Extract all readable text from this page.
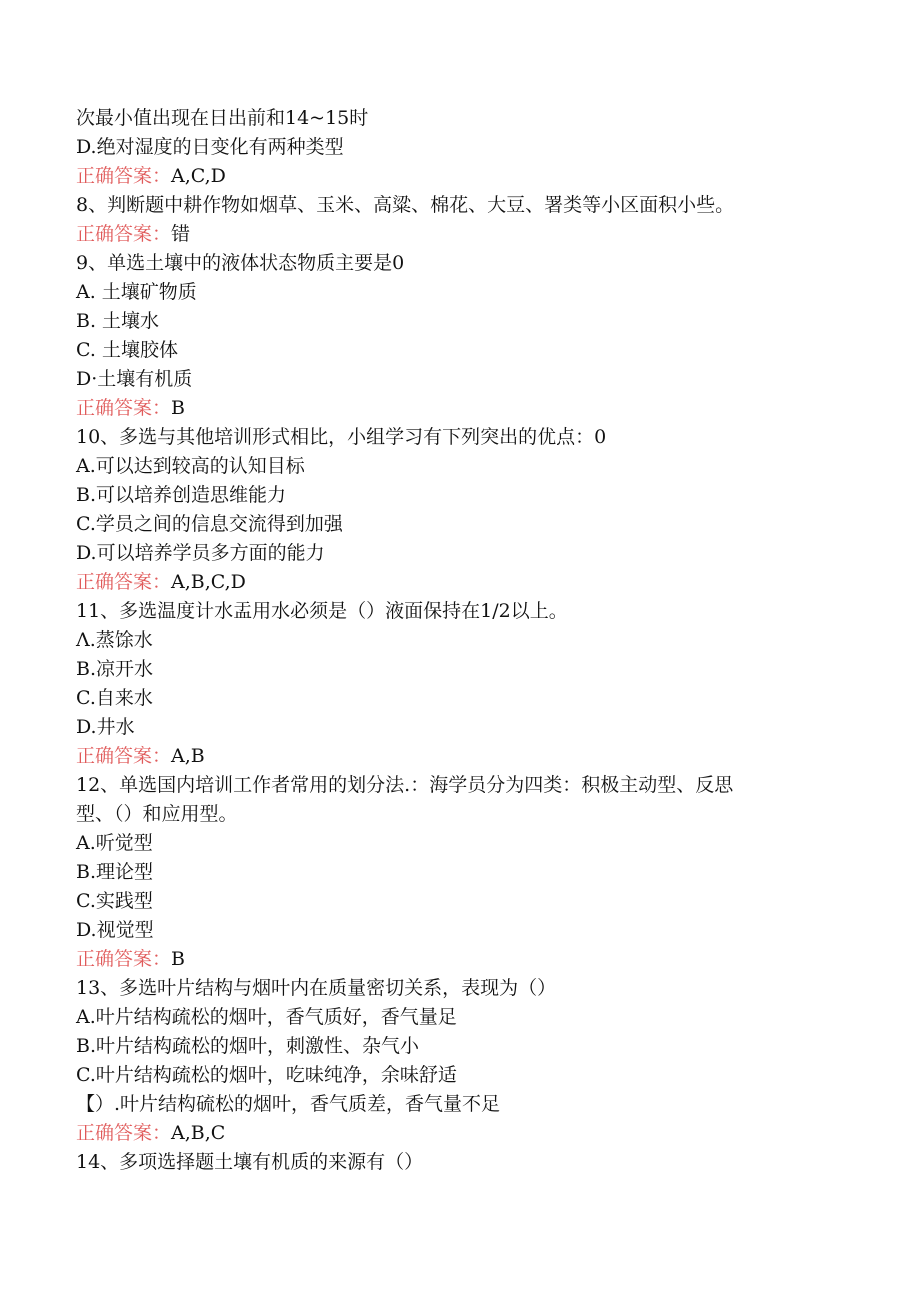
次最小值出现在日出前和14~15时
D.绝对湿度的日变化有两种类型
正确答案：A,C,D
8、判断题中耕作物如烟草、玉米、高粱、棉花、大豆、署类等小区面积小些。
正确答案：错
9、单选土壤中的液体状态物质主要是0
A. 土壤矿物质
B. 土壤水
C. 土壤胶体
D·土壤有机质
正确答案：B
10、多选与其他培训形式相比，小组学习有下列突出的优点：0
A.可以达到较高的认知目标
B.可以培养创造思维能力
C.学员之间的信息交流得到加强
D.可以培养学员多方面的能力
正确答案：A,B,C,D
11、多选温度计水盂用水必须是（）液面保持在1/2以上。
Λ.蒸馀水
B.凉开水
C.自来水
D.井水
正确答案：A,B
12、单选国内培训工作者常用的划分法.：海学员分为四类：积极主动型、反思
型、（）和应用型。
A.听觉型
B.理论型
C.实践型
D.视觉型
正确答案：B
13、多选叶片结构与烟叶内在质量密切关系，表现为（）
A.叶片结构疏松的烟叶，香气质好，香气量足
B.叶片结构疏松的烟叶，刺激性、杂气小
C.叶片结构疏松的烟叶，吃味纯净，余味舒适
【）.叶片结构硫松的烟叶，香气质差，香气量不足
正确答案：A,B,C
14、多项选择题土壤有机质的来源有（）
